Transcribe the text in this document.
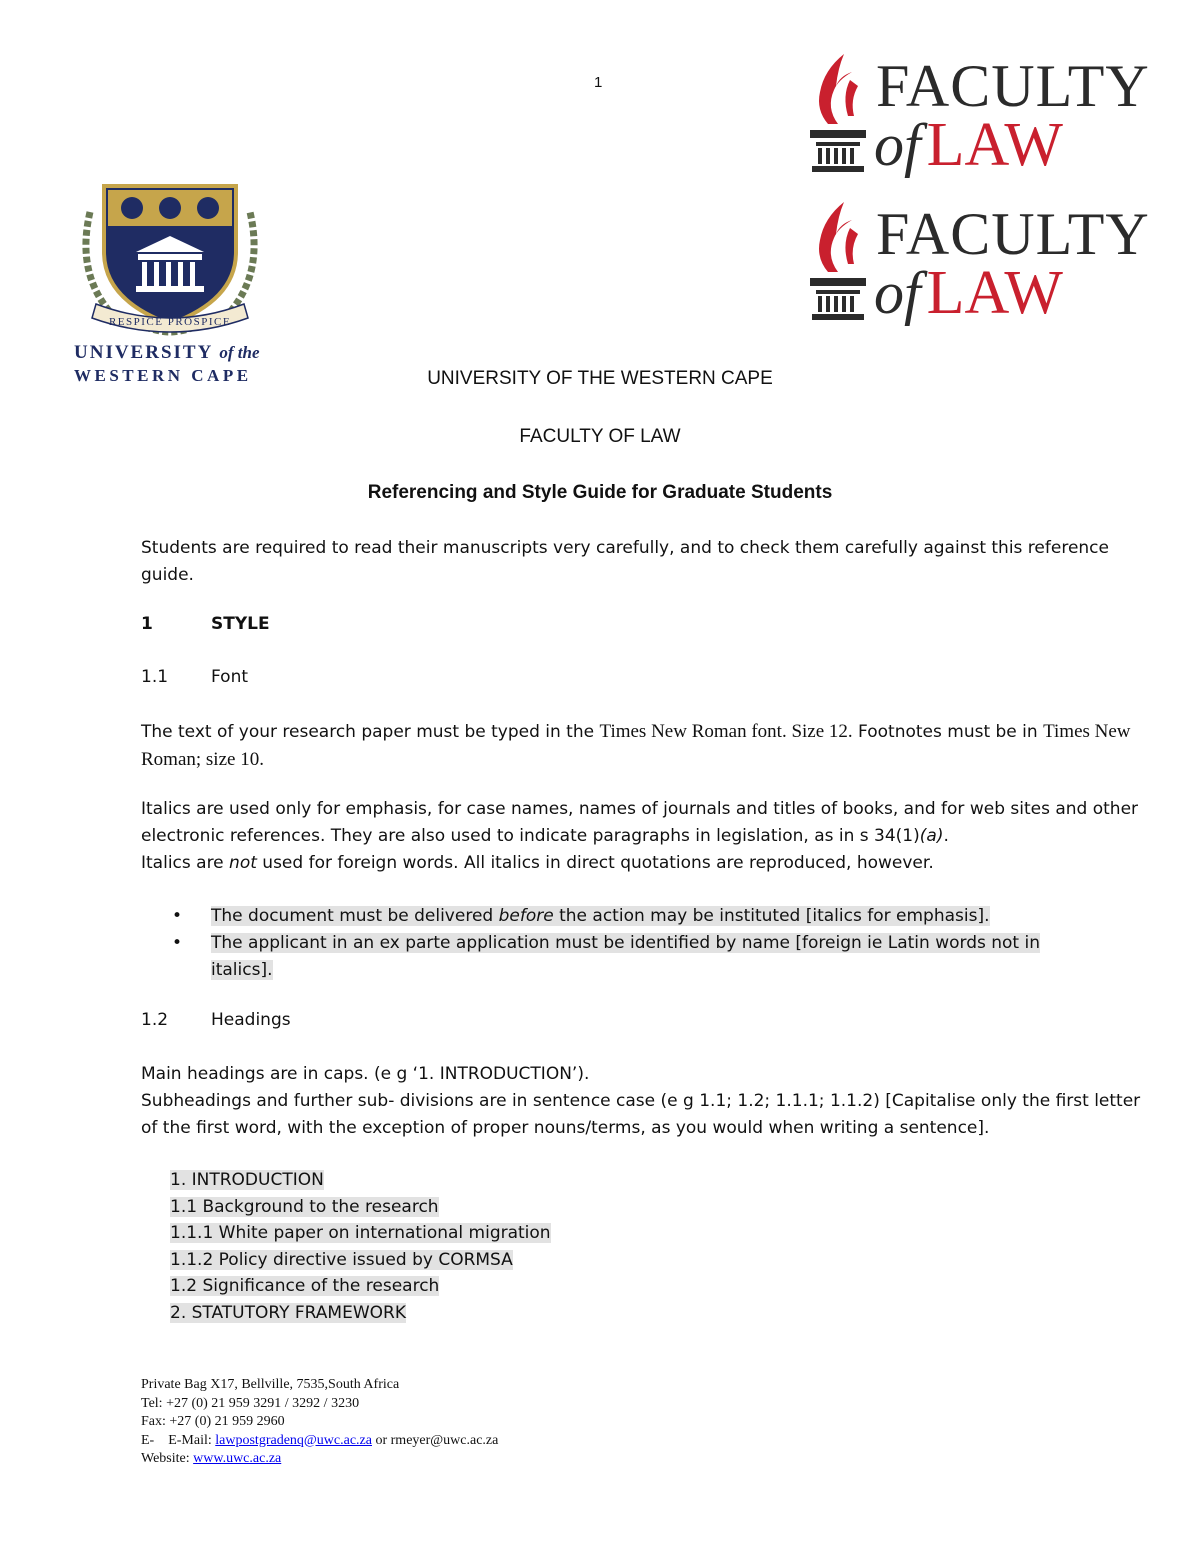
1
RESPICE PROSPICE
UNIVERSITY of the
WESTERN CAPE
FACULTY
ofLAW
FACULTY
ofLAW
UNIVERSITY OF THE WESTERN CAPE
FACULTY OF LAW
Referencing and Style Guide for Graduate Students
Students are required to read their manuscripts very carefully, and to check them carefully against this reference guide.
1	STYLE
1.1	Font
The text of your research paper must be typed in the Times New Roman font. Size 12. Footnotes must be in Times New Roman; size 10.
Italics are used only for emphasis, for case names, names of journals and titles of books, and for web sites and other electronic references. They are also used to indicate paragraphs in legislation, as in s 34(1)(a).
Italics are not used for foreign words. All italics in direct quotations are reproduced, however.
• The document must be delivered before the action may be instituted [italics for emphasis].
• The applicant in an ex parte application must be identified by name [foreign ie Latin words not in
italics].
1.2	Headings
Main headings are in caps. (e g ‘1. INTRODUCTION’).
Subheadings and further sub- divisions are in sentence case (e g 1.1; 1.2; 1.1.1; 1.1.2) [Capitalise only the first letter of the first word, with the exception of proper nouns/terms, as you would when writing a sentence].
1. INTRODUCTION
1.1 Background to the research
1.1.1 White paper on international migration
1.1.2 Policy directive issued by CORMSA
1.2 Significance of the research
2. STATUTORY FRAMEWORK
Private Bag X17, Bellville, 7535,South Africa
Tel: +27 (0) 21 959 3291 / 3292 / 3230
Fax: +27 (0) 21 959 2960
E-    E-Mail: lawpostgradenq@uwc.ac.za or rmeyer@uwc.ac.za
Website: www.uwc.ac.za
